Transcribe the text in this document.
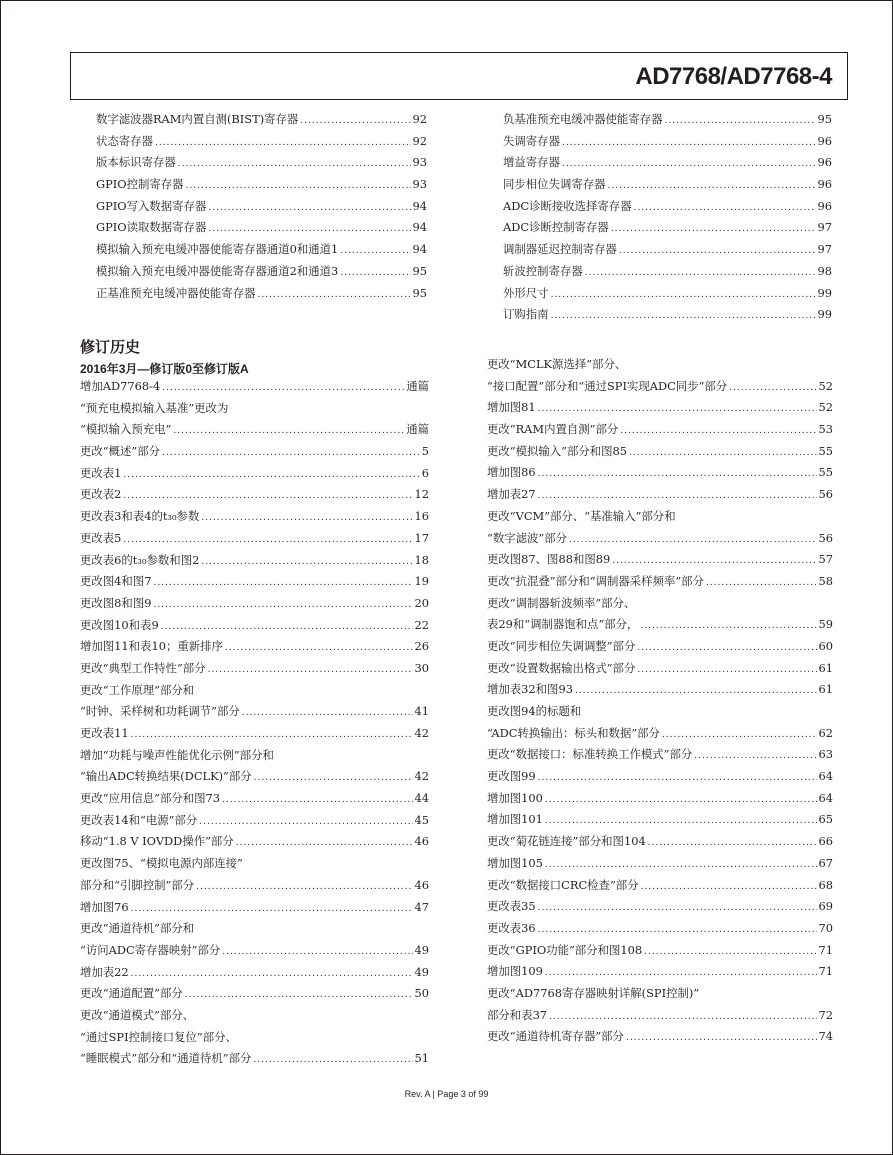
AD7768/AD7768-4
数字滤波器RAM内置自测(BIST)寄存器 .....	92
状态寄存器 .....	92
版本标识寄存器 .....	93
GPIO控制寄存器 .....	93
GPIO写入数据寄存器 .....	94
GPIO读取数据寄存器 .....	94
模拟输入预充电缓冲器使能寄存器通道0和通道1 .....	94
模拟输入预充电缓冲器使能寄存器通道2和通道3 .....	95
正基准预充电缓冲器使能寄存器 .....	95
负基准预充电缓冲器使能寄存器 .....	95
失调寄存器 .....	96
增益寄存器 .....	96
同步相位失调寄存器 .....	96
ADC诊断接收选择寄存器 .....	96
ADC诊断控制寄存器 .....	97
调制器延迟控制寄存器 .....	97
斩波控制寄存器 .....	98
外形尺寸 .....	99
订购指南 .....	99
修订历史
2016年3月—修订版0至修订版A
增加AD7768-4 .....	通篇
“预充电模拟输入基准”更改为
“模拟输入预充电” .....	通篇
更改“概述”部分 .....	5
更改表1 .....	6
更改表2 .....	12
更改表3和表4的t₃₀参数 .....	16
更改表5 .....	17
更改表6的t₃₀参数和图2 .....	18
更改图4和图7 .....	19
更改图8和图9 .....	20
更改图10和表9 .....	22
增加图11和表10；重新排序 .....	26
更改“典型工作特性”部分 .....	30
更改“工作原理”部分和
“时钟、采样树和功耗调节”部分 .....	41
更改表11 .....	42
增加“功耗与噪声性能优化示例”部分和
“输出ADC转换结果(DCLK)”部分 .....	42
更改“应用信息”部分和图73 .....	44
更改表14和“电源”部分 .....	45
移动“1.8 V IOVDD操作”部分 .....	46
更改图75、“模拟电源内部连接”
部分和“引脚控制”部分 .....	46
增加图76 .....	47
更改“通道待机”部分和
“访问ADC寄存器映射”部分 .....	49
增加表22 .....	49
更改“通道配置”部分 .....	50
更改“通道模式”部分、
“通过SPI控制接口复位”部分、
“睡眠模式”部分和“通道待机”部分 .....	51
更改“MCLK源选择”部分、
“接口配置”部分和“通过SPI实现ADC同步”部分 .....	52
增加图81 .....	52
更改“RAM内置自测”部分 .....	53
更改“模拟输入”部分和图85 .....	55
增加图86 .....	55
增加表27 .....	56
更改“VCM”部分、“基准输入”部分和
“数字滤波”部分 .....	56
更改图87、图88和图89 .....	57
更改“抗混叠”部分和“调制器采样频率”部分 .....	58
更改“调制器斩波频率”部分、
表29和“调制器饱和点”部分， .....	59
更改“同步相位失调调整”部分 .....	60
更改“设置数据输出格式”部分 .....	61
增加表32和图93 .....	61
更改图94的标题和
“ADC转换输出：标头和数据”部分 .....	62
更改“数据接口：标准转换工作模式”部分 .....	63
更改图99 .....	64
增加图100 .....	64
增加图101 .....	65
更改“菊花链连接”部分和图104 .....	66
增加图105 .....	67
更改“数据接口CRC检查”部分 .....	68
更改表35 .....	69
更改表36 .....	70
更改“GPIO功能”部分和图108 .....	71
增加图109 .....	71
更改“AD7768寄存器映射详解(SPI控制)”
部分和表37 .....	72
更改“通道待机寄存器”部分 .....	74
Rev. A | Page 3 of 99
